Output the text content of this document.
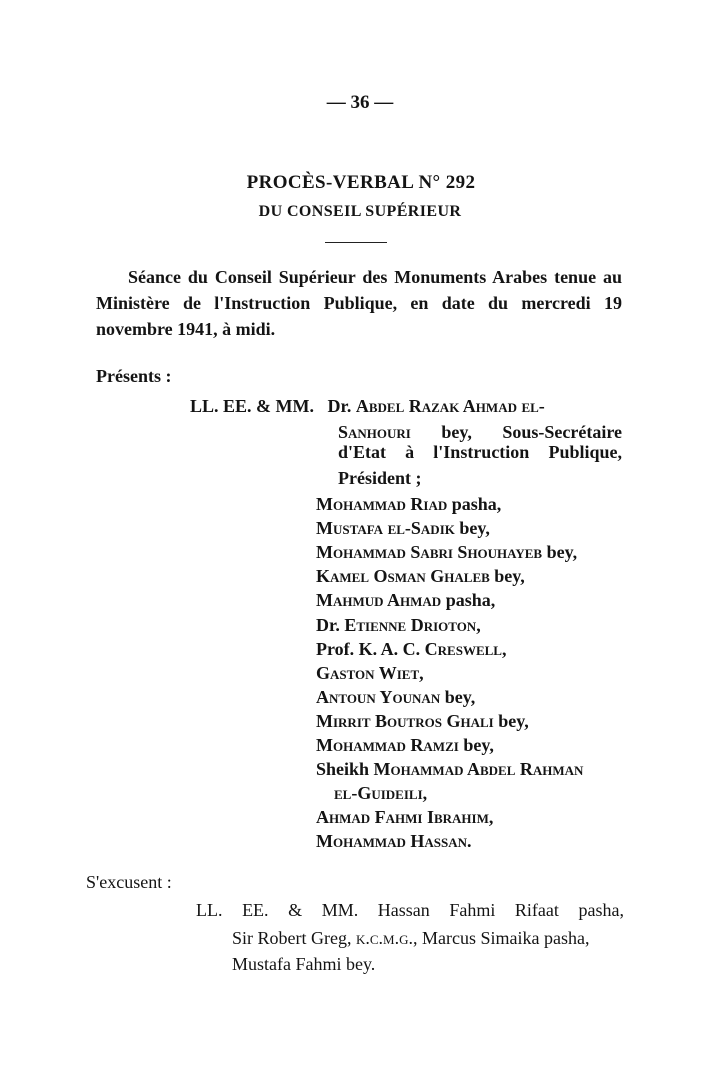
— 36 —
PROCÈS-VERBAL N° 292
DU CONSEIL SUPÉRIEUR

Séance du Conseil Supérieur des Monuments Arabes tenue au Ministère de l'Instruction Publique, en date du mercredi 19 novembre 1941, à midi.

Présents :
LL. EE. & MM. Dr. Abdel Razak Ahmad el-
Sanhouri bey, Sous-Secrétaire
d'Etat à l'Instruction Publique,
Président ;
Mohammad Riad pasha,
Mustafa el-Sadik bey,
Mohammad Sabri Shouhayeb bey,
Kamel Osman Ghaleb bey,
Mahmud Ahmad pasha,
Dr. Etienne Drioton,
Prof. K. A. C. Creswell,
Gaston Wiet,
Antoun Younan bey,
Mirrit Boutros Ghali bey,
Mohammad Ramzi bey,
Sheikh Mohammad Abdel Rahman
el-Guideili,
Ahmad Fahmi Ibrahim,
Mohammad Hassan.
S'excusent :
LL. EE. & MM. Hassan Fahmi Rifaat pasha,
Sir Robert Greg, k.c.m.g., Marcus Simaika pasha,
Mustafa Fahmi bey.
